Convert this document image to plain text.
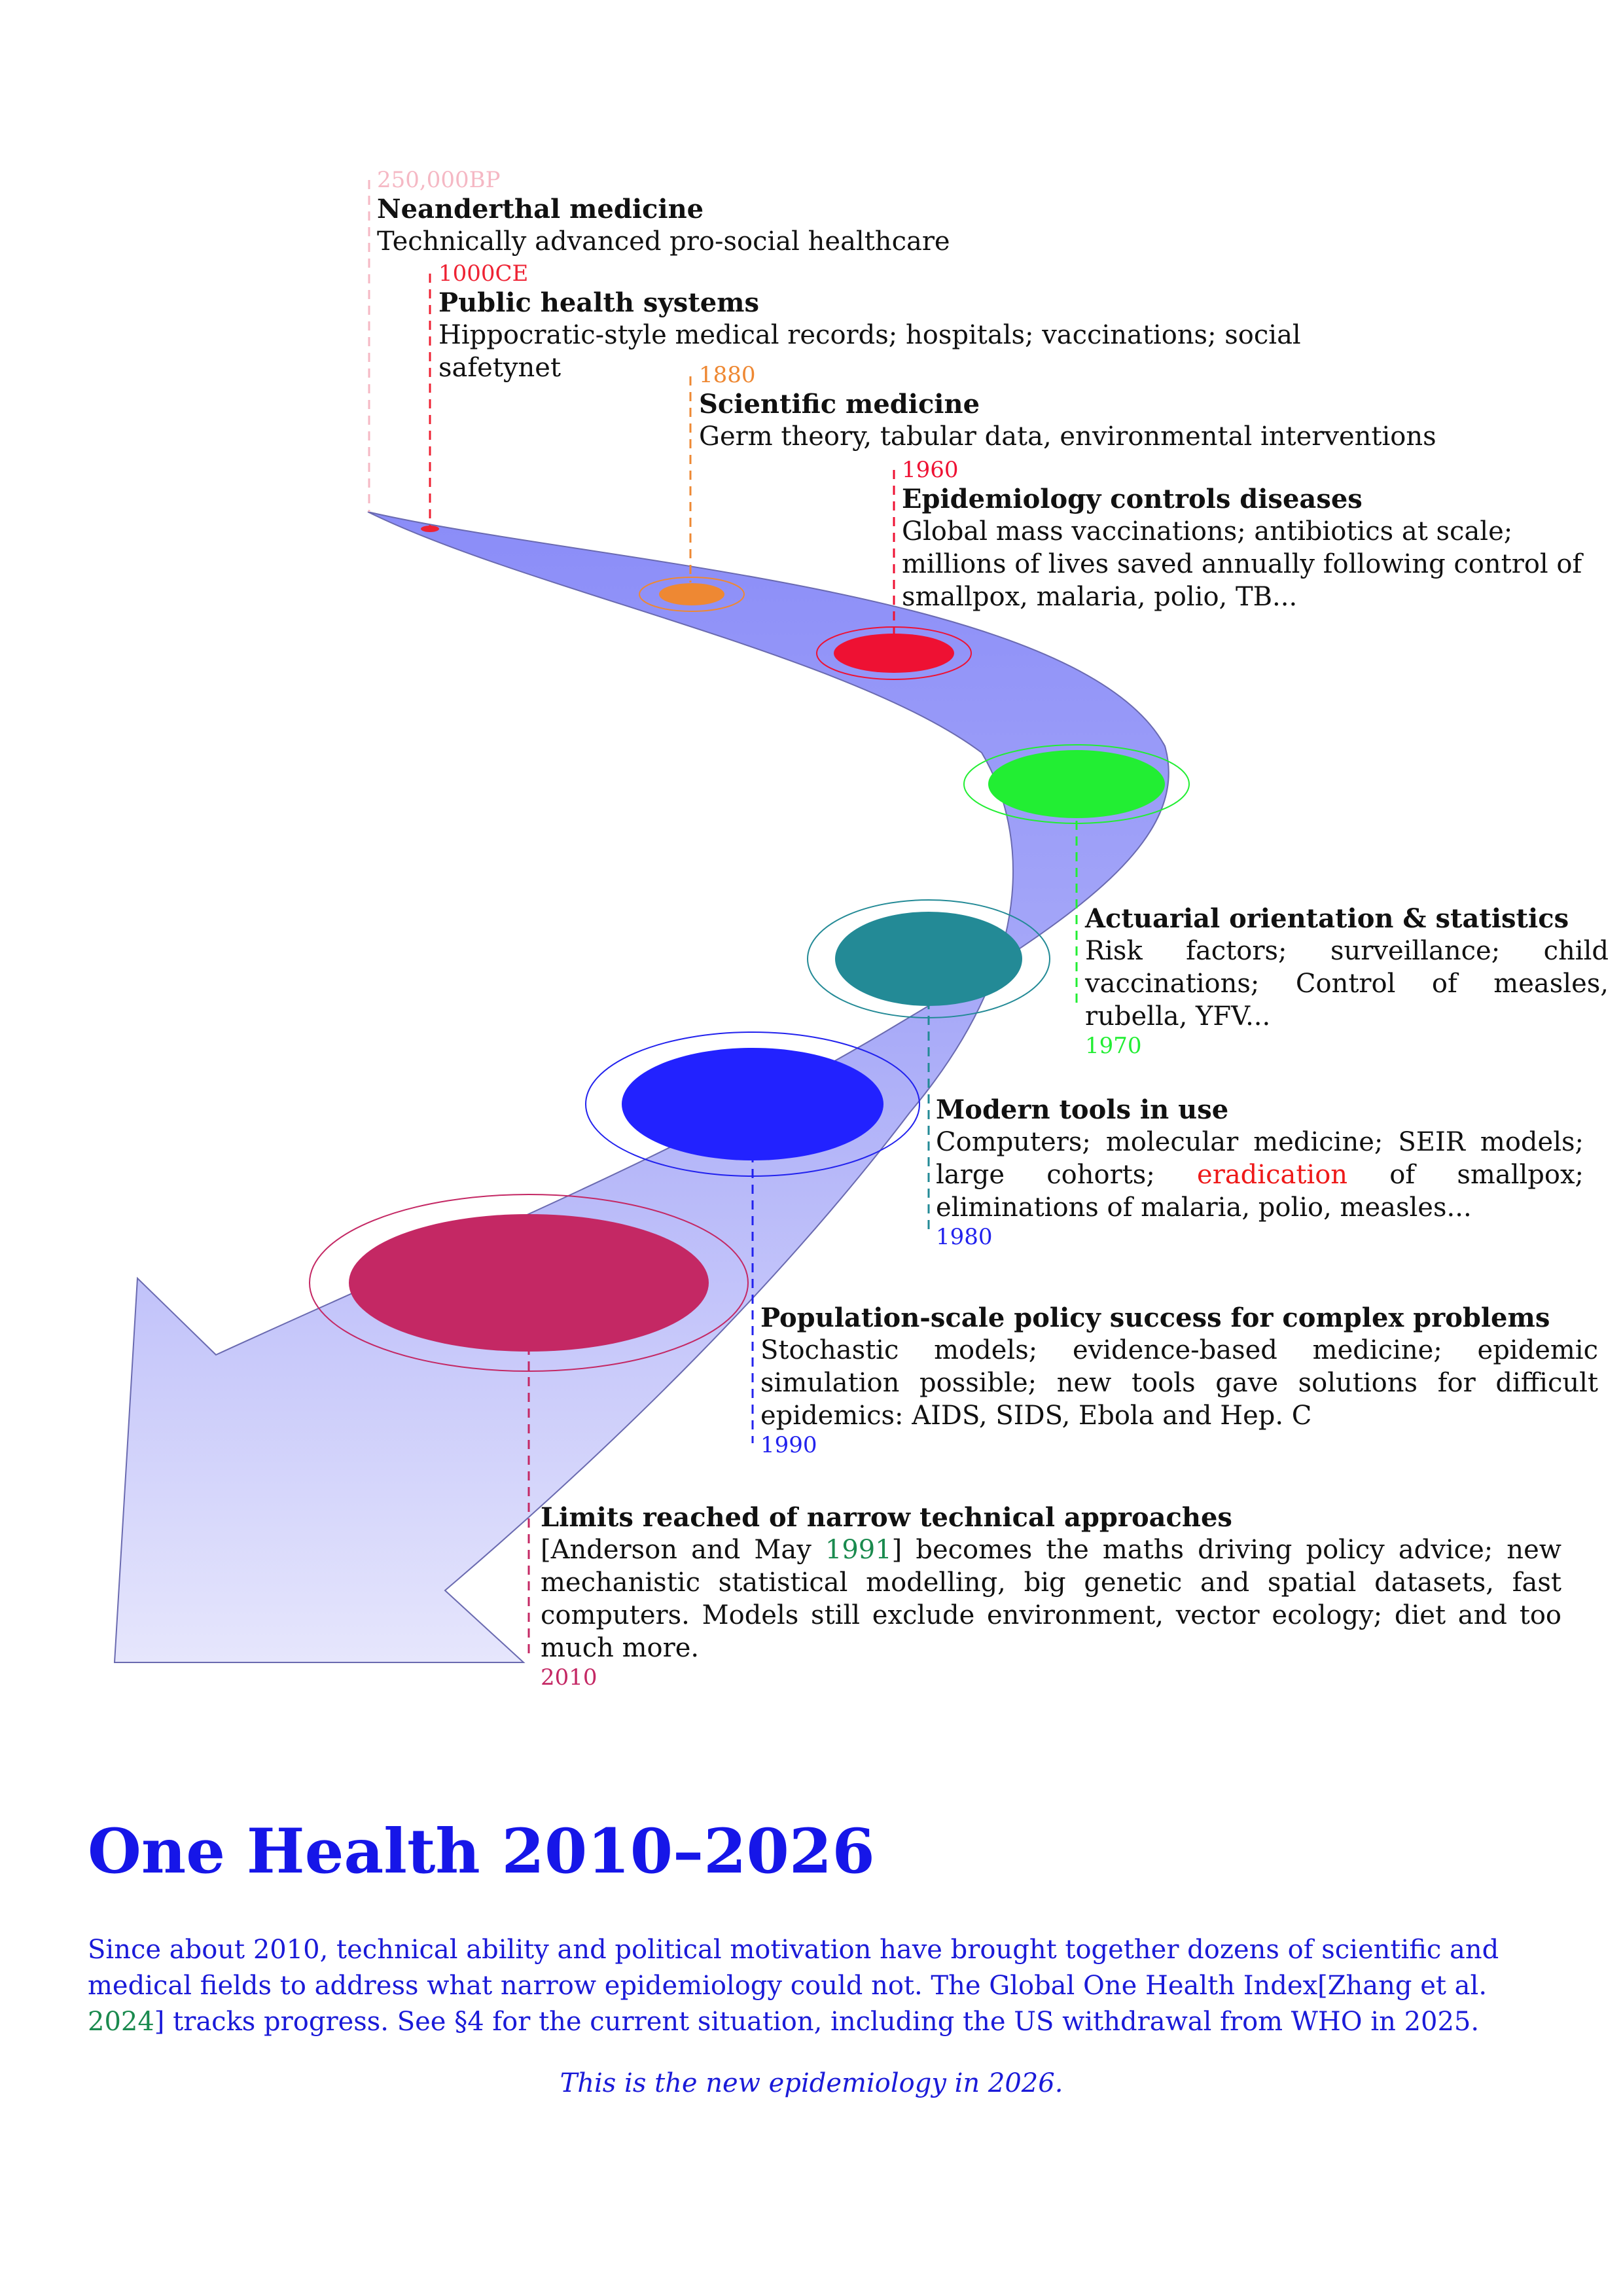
250,000BP
Neanderthal medicine
Technically advanced pro-social healthcare
1000CE
Public health systems
Hippocratic-style medical records; hospitals; vaccinations; social safetynet	1880
Scientific medicine
Germ theory, tabular data, environmental interventions
1960
Epidemiology controls diseases
Global mass vaccinations; antibiotics at scale; millions of lives saved annually following control of smallpox, malaria, polio, TB...
Actuarial orientation & statistics
Risk factors; surveillance; child vaccinations; Control of measles, rubella, YFV...
1970
Modern tools in use
Computers; molecular medicine; SEIR models; large cohorts; eradication of smallpox; eliminations of malaria, polio, measles...
1980
Population-scale policy success for complex problems
Stochastic models; evidence-based medicine; epidemic simulation possible; new tools gave solutions for difficult epidemics: AIDS, SIDS, Ebola and Hep. C
1990
Limits reached of narrow technical approaches
[Anderson and May 1991] becomes the maths driving policy advice; new mechanistic statistical modelling, big genetic and spatial datasets, fast computers. Models still exclude environment, vector ecology; diet and too much more.
2010
One Health 2010–2026

Since about 2010, technical ability and political motivation have brought together dozens of scientific and medical fields to address what narrow epidemiology could not. The Global One Health Index[Zhang et al. 2024] tracks progress. See §4 for the current situation, including the US withdrawal from WHO in 2025.

This is the new epidemiology in 2026.
